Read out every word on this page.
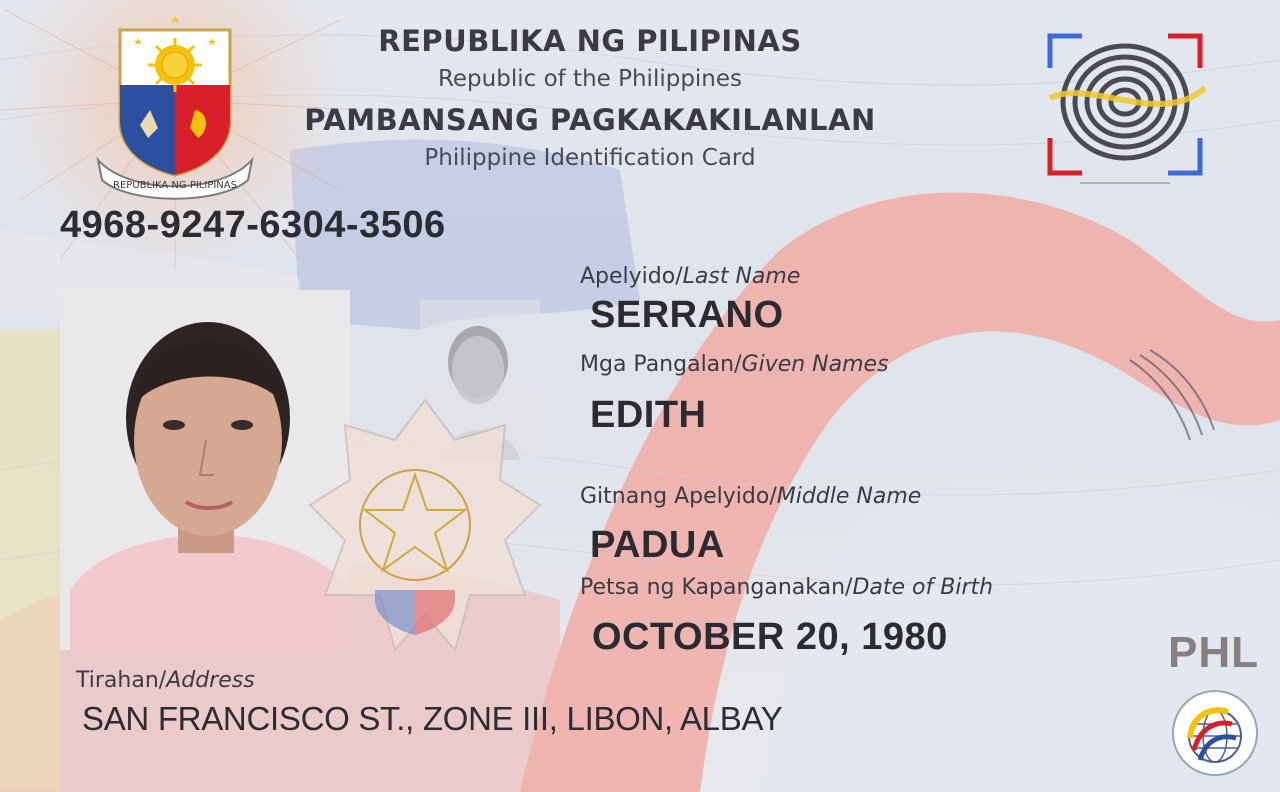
REPUBLIKA NG PILIPINAS
REPUBLIKA NG PILIPINAS
Republic of the Philippines
PAMBANSANG PAGKAKAKILANLAN
Philippine Identification Card
4968-9247-6304-3506
Apelyido/Last Name
SERRANO
Mga Pangalan/Given Names
EDITH
Gitnang Apelyido/Middle Name
PADUA
Petsa ng Kapanganakan/Date of Birth
OCTOBER 20, 1980
Tirahan/Address
SAN FRANCISCO ST., ZONE III, LIBON, ALBAY
PHL
